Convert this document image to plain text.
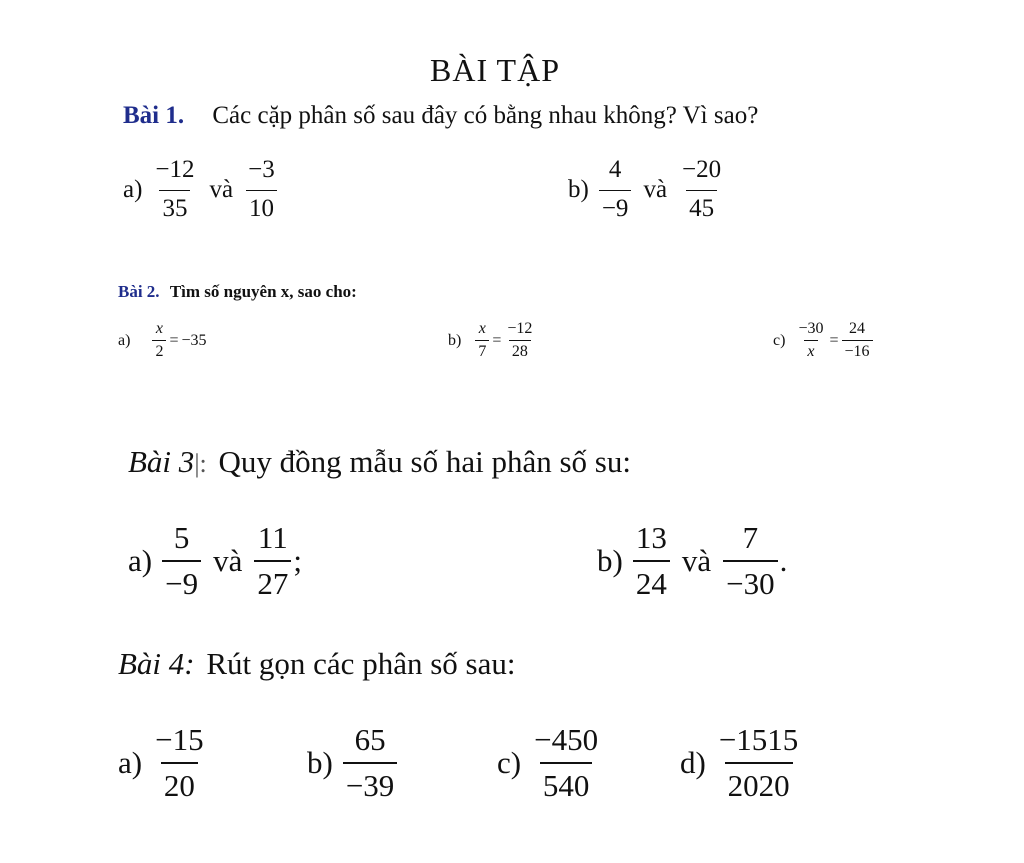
BÀI TẬP
Bài 1. Các cặp phân số sau đây có bằng nhau không? Vì sao?
$a) \frac{-12}{35}$ và $\frac{-3}{10}$	$b) \frac{4}{-9}$ và $\frac{-20}{45}$
Bài 2. Tìm số nguyên x, sao cho:
$a) \frac{x}{2} = -35$	$b) \frac{x}{7} = \frac{-12}{28}$	$c) \frac{-30}{x} = \frac{24}{-16}$
Bài 3|: Quy đồng mẫu số hai phân số su:
$a) \frac{5}{-9}$ và $\frac{11}{27}$ ;	$b) \frac{13}{24}$ và $\frac{7}{-30}$ .
Bài 4: Rút gọn các phân số sau:
$a) \frac{-15}{20}$	$b) \frac{65}{-39}$	$c) \frac{-450}{540}$	$d) \frac{-1515}{2020}$
